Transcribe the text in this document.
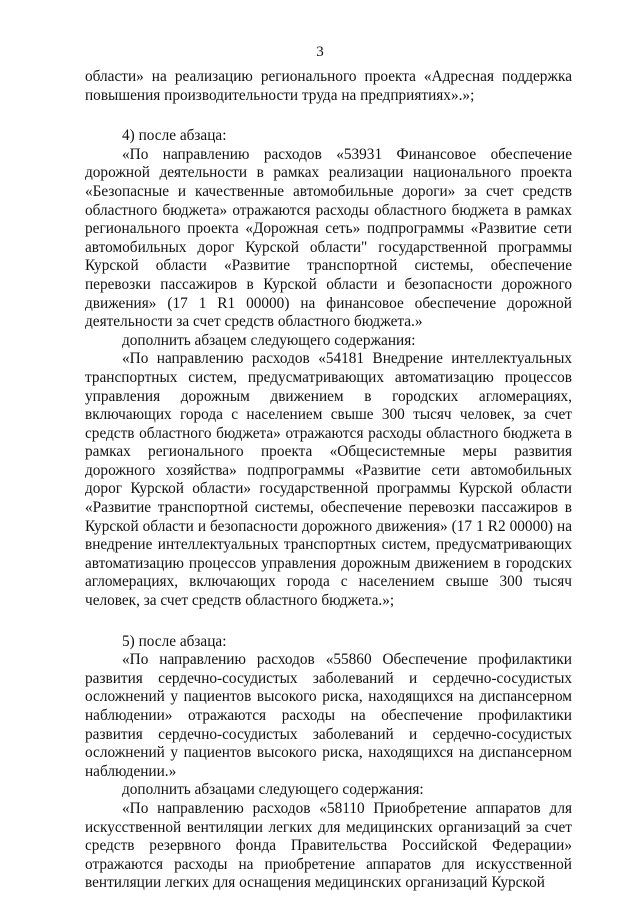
3

области» на реализацию регионального проекта «Адресная поддержка повышения производительности труда на предприятиях».»;

4) после абзаца:

«По направлению расходов «53931 Финансовое обеспечение дорожной деятельности в рамках реализации национального проекта «Безопасные и качественные автомобильные дороги» за счет средств областного бюджета» отражаются расходы областного бюджета в рамках регионального проекта «Дорожная сеть» подпрограммы «Развитие сети автомобильных дорог Курской области" государственной программы Курской области «Развитие транспортной системы, обеспечение перевозки пассажиров в Курской области и безопасности дорожного движения» (17 1 R1 00000) на финансовое обеспечение дорожной деятельности за счет средств областного бюджета.»

дополнить абзацем следующего содержания:

«По направлению расходов «54181 Внедрение интеллектуальных транспортных систем, предусматривающих автоматизацию процессов управления дорожным движением в городских агломерациях, включающих города с населением свыше 300 тысяч человек, за счет средств областного бюджета» отражаются расходы областного бюджета в рамках регионального проекта «Общесистемные меры развития дорожного хозяйства» подпрограммы «Развитие сети автомобильных дорог Курской области» государственной программы Курской области «Развитие транспортной системы, обеспечение перевозки пассажиров в Курской области и безопасности дорожного движения» (17 1 R2 00000) на внедрение интеллектуальных транспортных систем, предусматривающих автоматизацию процессов управления дорожным движением в городских агломерациях, включающих города с населением свыше 300 тысяч человек, за счет средств областного бюджета.»;

5) после абзаца:

«По направлению расходов «55860 Обеспечение профилактики развития сердечно-сосудистых заболеваний и сердечно-сосудистых осложнений у пациентов высокого риска, находящихся на диспансерном наблюдении» отражаются расходы на обеспечение профилактики развития сердечно-сосудистых заболеваний и сердечно-сосудистых осложнений у пациентов высокого риска, находящихся на диспансерном наблюдении.»

дополнить абзацами следующего содержания:

«По направлению расходов «58110 Приобретение аппаратов для искусственной вентиляции легких для медицинских организаций за счет средств резервного фонда Правительства Российской Федерации» отражаются расходы на приобретение аппаратов для искусственной вентиляции легких для оснащения медицинских организаций Курской
